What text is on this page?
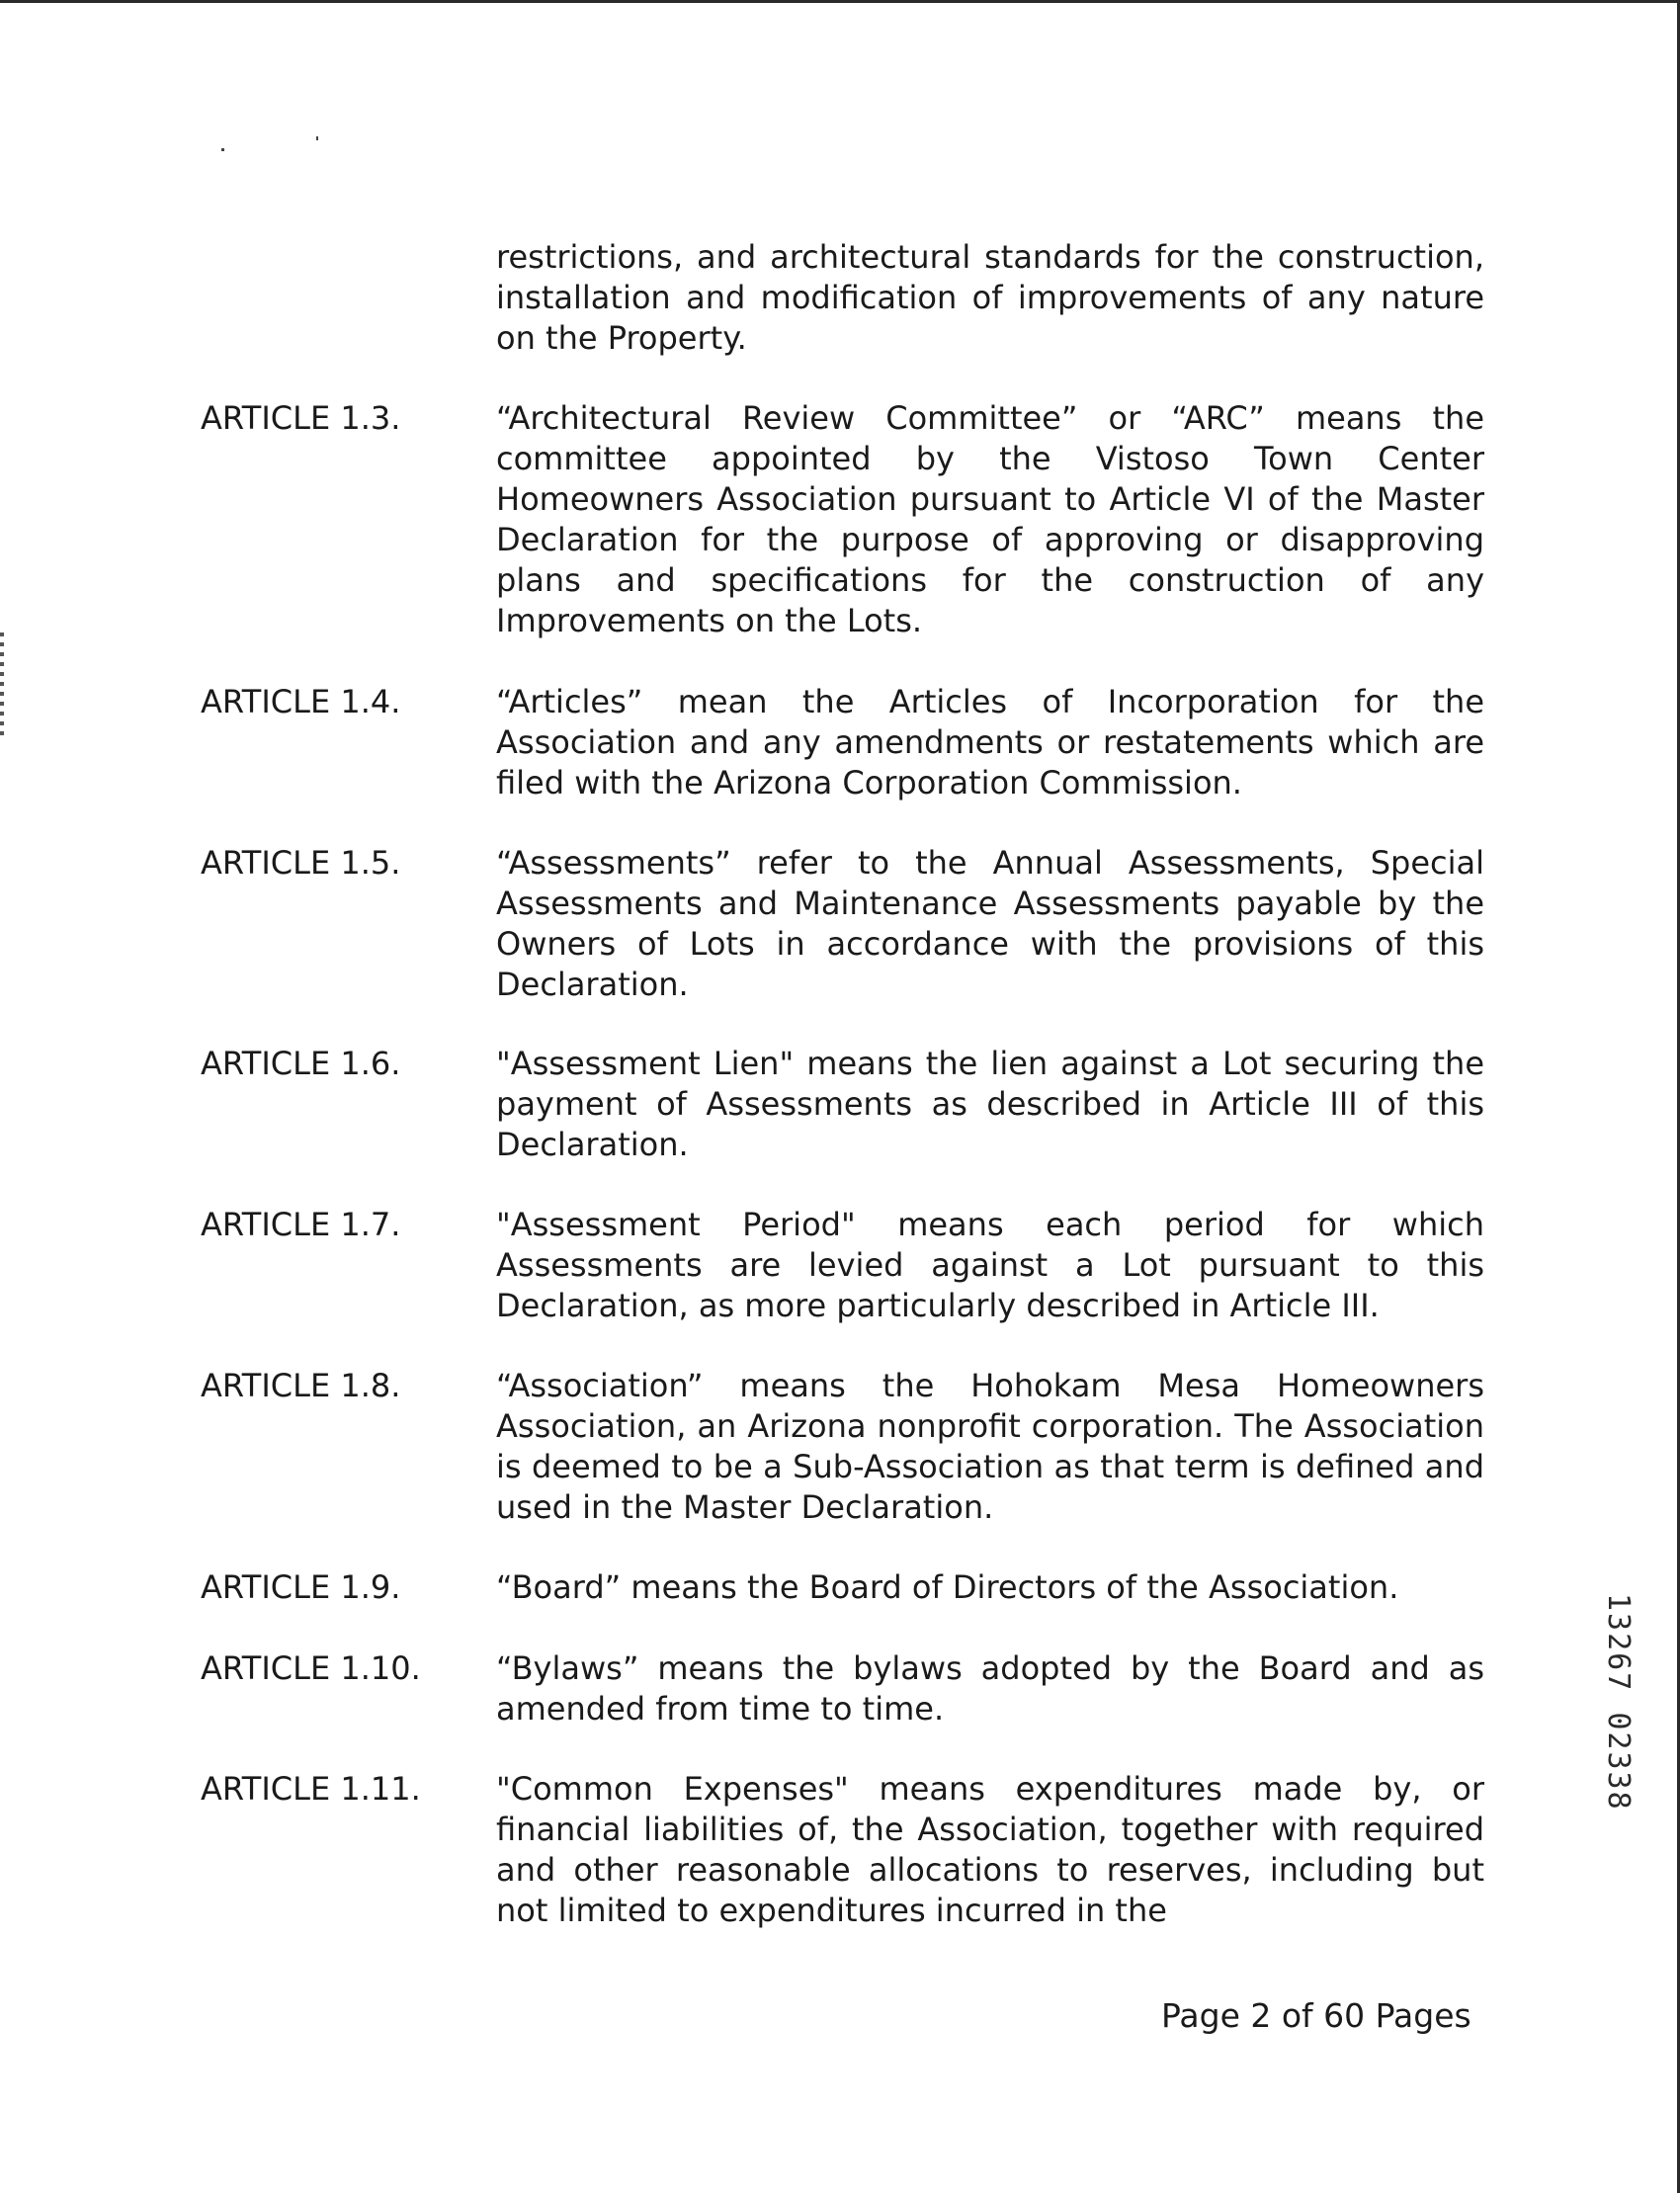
restrictions, and architectural standards for the construction, installation and modification of improvements of any nature on the Property.
ARTICLE 1.3.	“Architectural Review Committee” or “ARC” means the committee appointed by the Vistoso Town Center Homeowners Association pursuant to Article VI of the Master Declaration for the purpose of approving or disapproving plans and specifications for the construction of any Improvements on the Lots.
ARTICLE 1.4.	“Articles” mean the Articles of Incorporation for the Association and any amendments or restatements which are filed with the Arizona Corporation Commission.
ARTICLE 1.5.	“Assessments” refer to the Annual Assessments, Special Assessments and Maintenance Assessments payable by the Owners of Lots in accordance with the provisions of this Declaration.
ARTICLE 1.6.	"Assessment Lien" means the lien against a Lot securing the payment of Assessments as described in Article III of this Declaration.
ARTICLE 1.7.	"Assessment Period" means each period for which Assessments are levied against a Lot pursuant to this Declaration, as more particularly described in Article III.
ARTICLE 1.8.	“Association” means the Hohokam Mesa Homeowners Association, an Arizona nonprofit corporation. The Association is deemed to be a Sub-Association as that term is defined and used in the Master Declaration.
ARTICLE 1.9.	“Board” means the Board of Directors of the Association.
ARTICLE 1.10. “Bylaws” means the bylaws adopted by the Board and as amended from time to time.
ARTICLE 1.11. "Common Expenses" means expenditures made by, or financial liabilities of, the Association, together with required and other reasonable allocations to reserves, including but not limited to expenditures incurred in the
13267 02338
Page 2 of 60 Pages
